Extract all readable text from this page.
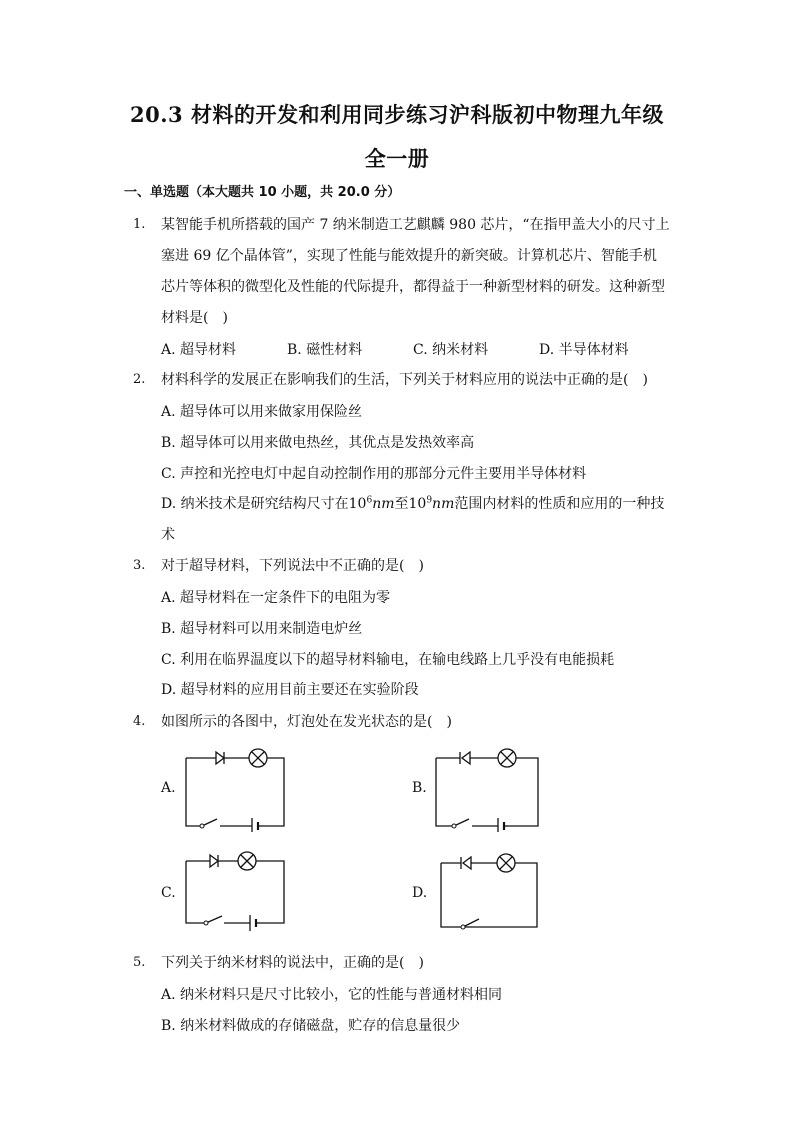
20.3 材料的开发和利用同步练习沪科版初中物理九年级
全一册
一、单选题（本大题共 10 小题，共 20.0 分）
1. 某智能手机所搭载的国产 7 纳米制造工艺麒麟 980 芯片，“在指甲盖大小的尺寸上
塞进 69 亿个晶体管”，实现了性能与能效提升的新突破。计算机芯片、智能手机
芯片等体积的微型化及性能的代际提升，都得益于一种新型材料的研发。这种新型
材料是(　)
A. 超导材料	B. 磁性材料	C. 纳米材料	D. 半导体材料
2. 材料科学的发展正在影响我们的生活，下列关于材料应用的说法中正确的是(　)
A. 超导体可以用来做家用保险丝
B. 超导体可以用来做电热丝，其优点是发热效率高
C. 声控和光控电灯中起自动控制作用的那部分元件主要用半导体材料
D. 纳米技术是研究结构尺寸在$10^6nm$至$10^9nm$范围内材料的性质和应用的一种技
术
3. 对于超导材料，下列说法中不正确的是(　)
A. 超导材料在一定条件下的电阻为零
B. 超导材料可以用来制造电炉丝
C. 利用在临界温度以下的超导材料输电，在输电线路上几乎没有电能损耗
D. 超导材料的应用目前主要还在实验阶段
4. 如图所示的各图中，灯泡处在发光状态的是(　)
A.	B.
C.	D.
5. 下列关于纳米材料的说法中，正确的是(　)
A. 纳米材料只是尺寸比较小，它的性能与普通材料相同
B. 纳米材料做成的存储磁盘，贮存的信息量很少
